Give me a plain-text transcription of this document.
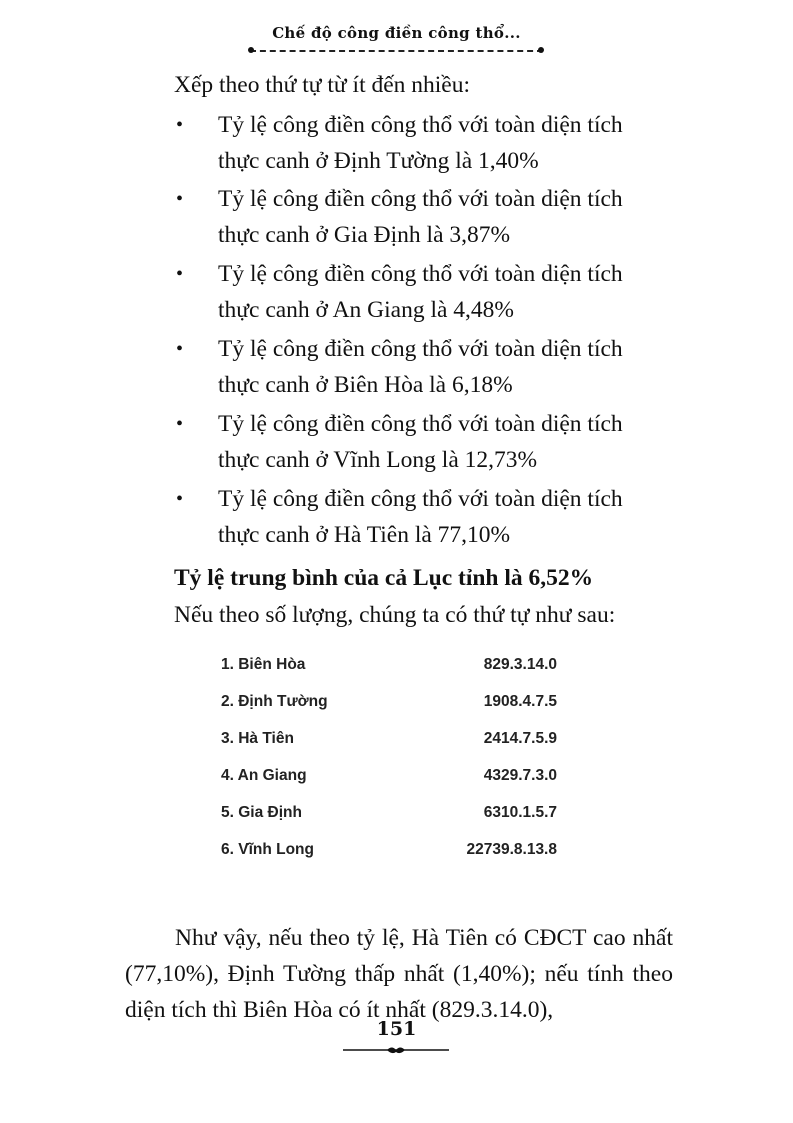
Chế độ công điền công thổ...
Xếp theo thứ tự từ ít đến nhiều:
• Tỷ lệ công điền công thổ với toàn diện tích
thực canh ở Định Tường là 1,40%
• Tỷ lệ công điền công thổ với toàn diện tích
thực canh ở Gia Định là 3,87%
• Tỷ lệ công điền công thổ với toàn diện tích
thực canh ở An Giang là 4,48%
• Tỷ lệ công điền công thổ với toàn diện tích
thực canh ở Biên Hòa là 6,18%
• Tỷ lệ công điền công thổ với toàn diện tích
thực canh ở Vĩnh Long là 12,73%
• Tỷ lệ công điền công thổ với toàn diện tích
thực canh ở Hà Tiên là 77,10%
Tỷ lệ trung bình của cả Lục tỉnh là 6,52%
Nếu theo số lượng, chúng ta có thứ tự như sau:
1. Biên Hòa	829.3.14.0
2. Định Tường	1908.4.7.5
3. Hà Tiên	2414.7.5.9
4. An Giang	4329.7.3.0
5. Gia Định	6310.1.5.7
6. Vĩnh Long	22739.8.13.8
Như vậy, nếu theo tỷ lệ, Hà Tiên có CĐCT cao nhất (77,10%), Định Tường thấp nhất (1,40%); nếu tính theo diện tích thì Biên Hòa có ít nhất (829.3.14.0),
151
